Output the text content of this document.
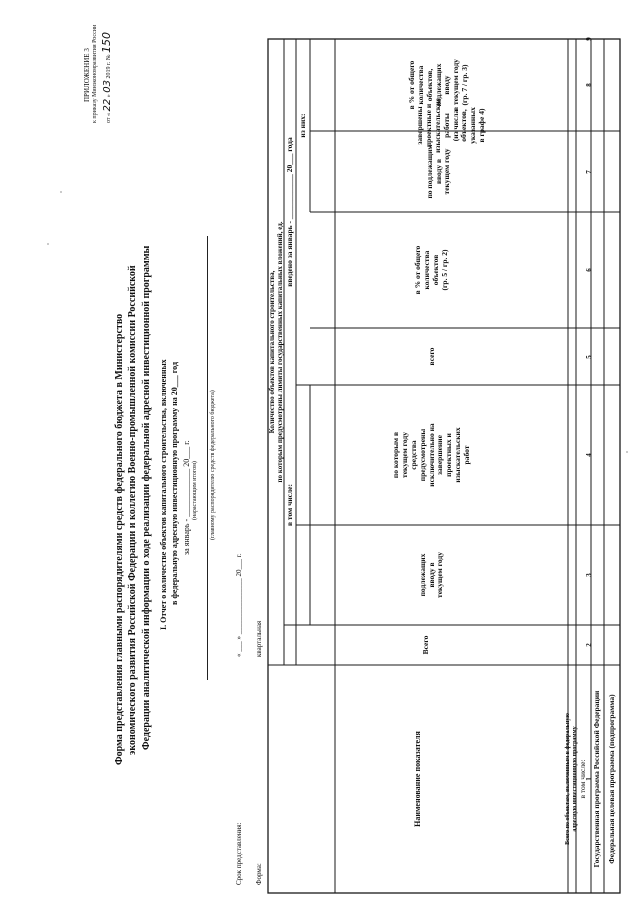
ПРИЛОЖЕНИЕ 3 к приказу Минэкономразвития России	от « 22 » 03 2019 г. № 150
Форма представления главными распорядителями средств федерального бюджета в Министерство экономического развития Российской Федерации и коллегию Военно-промышленной комиссии Российской Федерации аналитической информации о ходе реализации федеральной адресной инвестиционной программы I. Отчет о количестве объектов капитального строительства, включенных в федеральную адресную инвестиционную программу на 20___ год за январь - ____________ 20___ г. (нарастающим итогом) (главному распорядителю средств федерального бюджета)
Срок представления:
« ___ » ________________ 20___ г.
Форма:
квартальная
Наименование показателя
Количество объектов капитального строительства,
по которым предусмотрены лимиты государственных капитальных вложений, ед.
Всего
в том числе:
введено за январь - ____________ 20___ года
подлежащих
вводу в
текущем году
по которым в
текущем году
средства
предусмотрены
исключительно на
завершение
проектных и
изыскательских
работ
всего
в % от общего
количества
объектов
(гр. 5 / гр. 2)
из них:
по подлежащим
вводу в
текущем году
в % от общего
количества
объектов,
подлежащих
вводу
в текущем году
(гр. 7 / гр. 3)
завершены
проектные и
изыскательские
работы
(из числа
объектов,
указанных
в графе 4)
Всего по объектам, включенным в федеральную
адресную инвестиционную программу
в том числе: Государственная программа Российской Федерации Федеральная целевая программа (подпрограмма)
1
2
3
4
5
6
7
8
9
